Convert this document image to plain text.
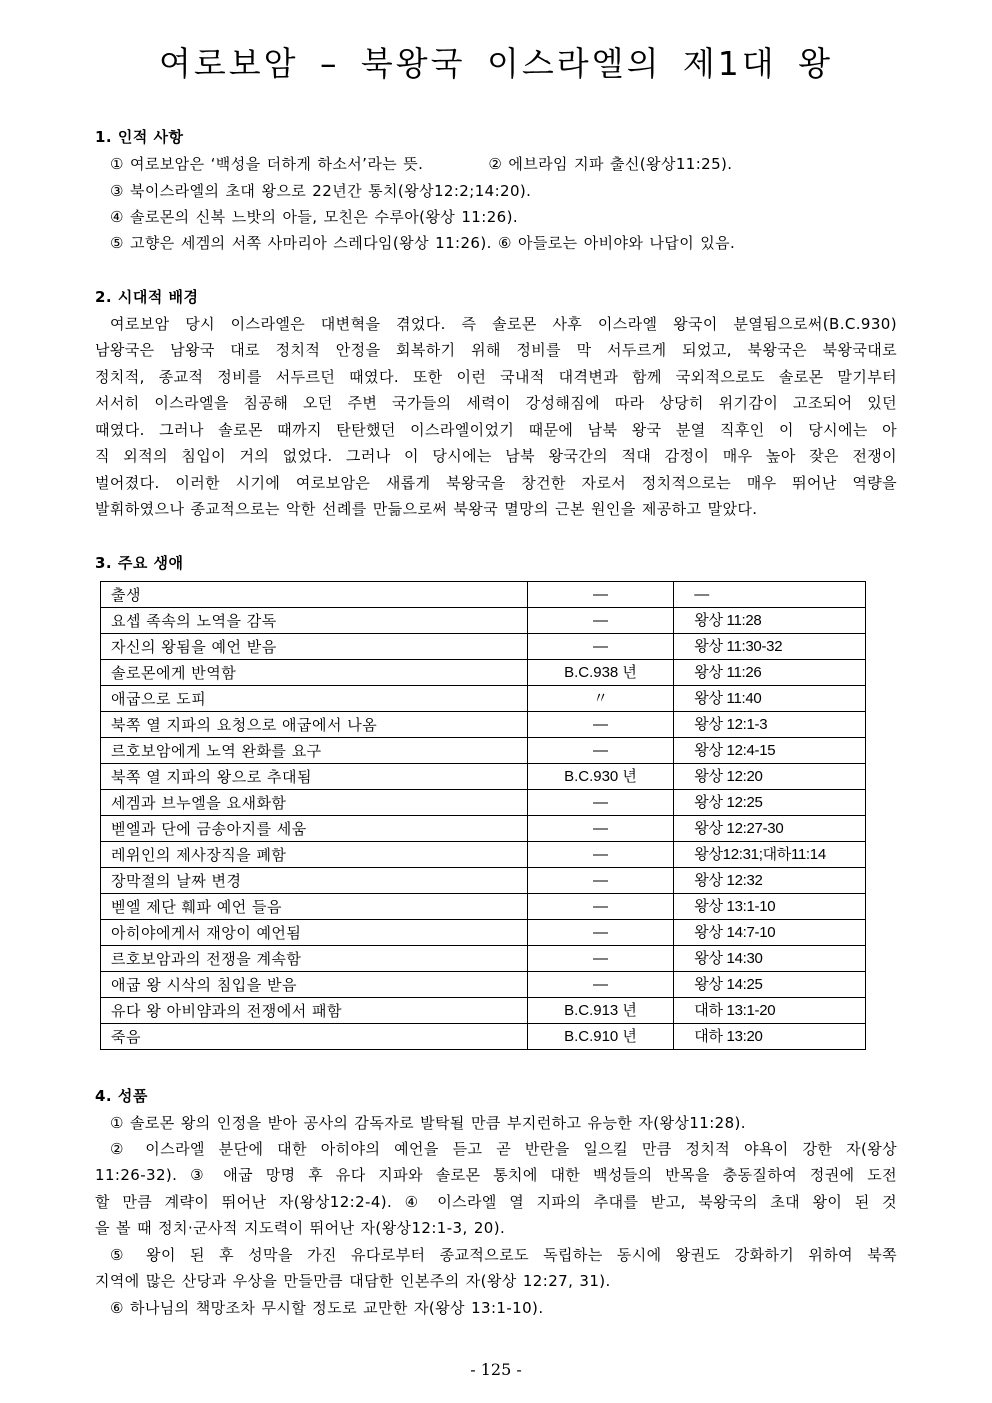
여로보암 – 북왕국 이스라엘의 제1대 왕
1. 인적 사항
① 여로보암은 ‘백성을 더하게 하소서’라는 뜻.	② 에브라임 지파 출신(왕상11:25).
③ 북이스라엘의 초대 왕으로 22년간 통치(왕상12:2;14:20).
④ 솔로몬의 신복 느밧의 아들, 모친은 수루아(왕상 11:26).
⑤ 고향은 세겜의 서쪽 사마리아 스레다임(왕상 11:26). ⑥ 아들로는 아비야와 나답이 있음.
2. 시대적 배경
여로보암 당시 이스라엘은 대변혁을 겪었다. 즉 솔로몬 사후 이스라엘 왕국이 분열됨으로써(B.C.930)
남왕국은 남왕국 대로 정치적 안정을 회복하기 위해 정비를 막 서두르게 되었고, 북왕국은 북왕국대로
정치적, 종교적 정비를 서두르던 때였다. 또한 이런 국내적 대격변과 함께 국외적으로도 솔로몬 말기부터
서서히 이스라엘을 침공해 오던 주변 국가들의 세력이 강성해짐에 따라 상당히 위기감이 고조되어 있던
때였다. 그러나 솔로몬 때까지 탄탄했던 이스라엘이었기 때문에 남북 왕국 분열 직후인 이 당시에는 아
직 외적의 침입이 거의 없었다. 그러나 이 당시에는 남북 왕국간의 적대 감정이 매우 높아 잦은 전쟁이
벌어졌다. 이러한 시기에 여로보암은 새롭게 북왕국을 창건한 자로서 정치적으로는 매우 뛰어난 역량을
발휘하였으나 종교적으로는 악한 선례를 만듦으로써 북왕국 멸망의 근본 원인을 제공하고 말았다.
3. 주요 생애
출생	—	—
요셉 족속의 노역을 감독	—	왕상 11:28
자신의 왕됨을 예언 받음	—	왕상 11:30-32
솔로몬에게 반역함	B.C.938 년	왕상 11:26
애굽으로 도피	〃	왕상 11:40
북쪽 열 지파의 요청으로 애굽에서 나옴	—	왕상 12:1-3
르호보암에게 노역 완화를 요구	—	왕상 12:4-15
북쪽 열 지파의 왕으로 추대됨	B.C.930 년	왕상 12:20
세겜과 브누엘을 요새화함	—	왕상 12:25
벧엘과 단에 금송아지를 세움	—	왕상 12:27-30
레위인의 제사장직을 폐함	—	왕상12:31;대하11:14
장막절의 날짜 변경	—	왕상 12:32
벧엘 제단 훼파 예언 들음	—	왕상 13:1-10
아히야에게서 재앙이 예언됨	—	왕상 14:7-10
르호보암과의 전쟁을 계속함	—	왕상 14:30
애굽 왕 시삭의 침입을 받음	—	왕상 14:25
유다 왕 아비얌과의 전쟁에서 패함	B.C.913 년	대하 13:1-20
죽음	B.C.910 년	대하 13:20
4. 성품
① 솔로몬 왕의 인정을 받아 공사의 감독자로 발탁될 만큼 부지런하고 유능한 자(왕상11:28).
② 이스라엘 분단에 대한 아히야의 예언을 듣고 곧 반란을 일으킬 만큼 정치적 야욕이 강한 자(왕상
11:26-32). ③ 애굽 망명 후 유다 지파와 솔로몬 통치에 대한 백성들의 반목을 충동질하여 정권에 도전
할 만큼 계략이 뛰어난 자(왕상12:2-4). ④ 이스라엘 열 지파의 추대를 받고, 북왕국의 초대 왕이 된 것
을 볼 때 정치·군사적 지도력이 뛰어난 자(왕상12:1-3, 20).
⑤ 왕이 된 후 성막을 가진 유다로부터 종교적으로도 독립하는 동시에 왕권도 강화하기 위하여 북쪽
지역에 많은 산당과 우상을 만들만큼 대담한 인본주의 자(왕상 12:27, 31).
⑥ 하나님의 책망조차 무시할 정도로 교만한 자(왕상 13:1-10).
- 125 -
